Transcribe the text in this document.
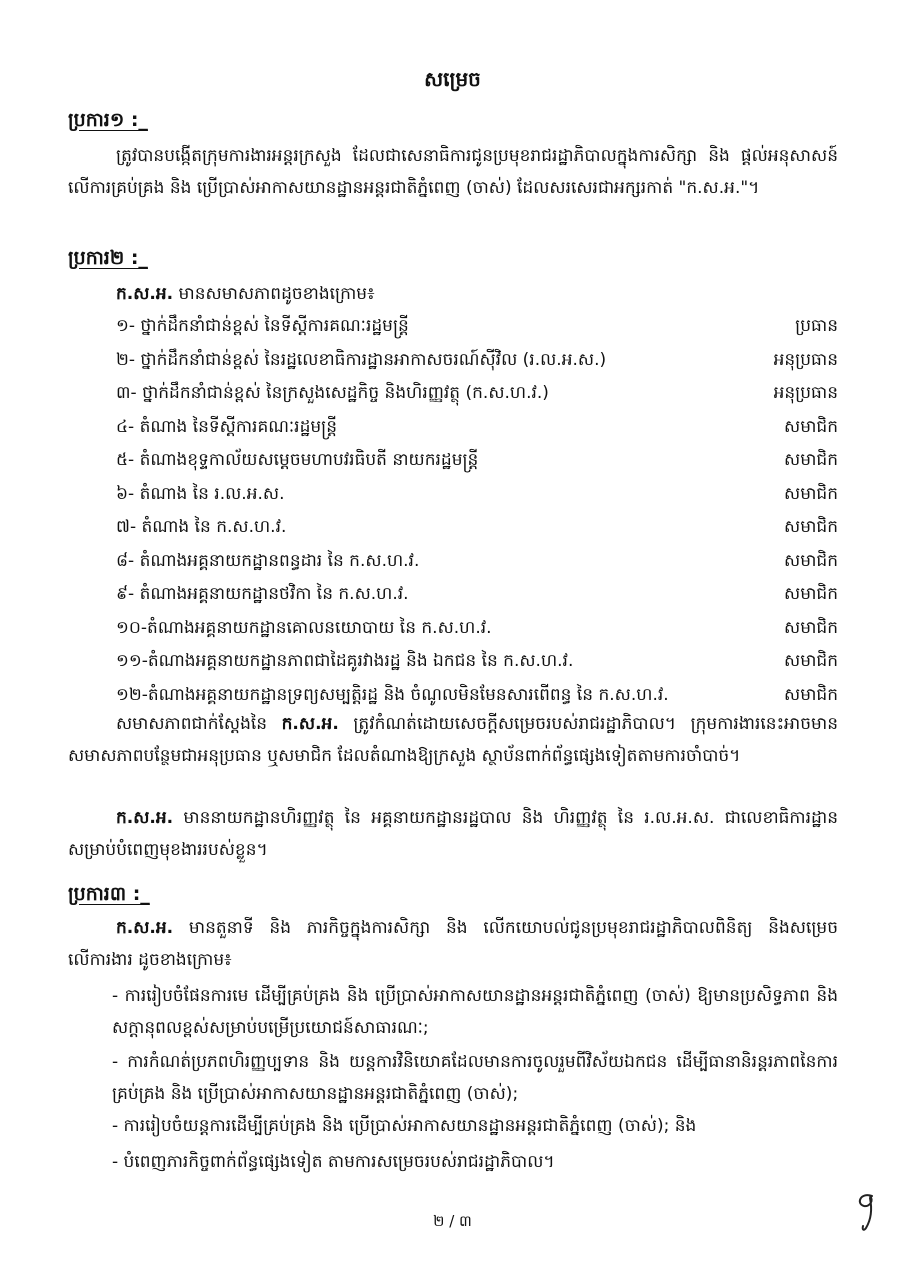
សម្រេច
ប្រការ១ :_
ត្រូវបានបង្កើតក្រុមការងារអន្តរក្រសួង ដែលជាសេនាធិការជូនប្រមុខរាជរដ្ឋាភិបាលក្នុងការសិក្សា និង ផ្តល់អនុសាសន៍លើការគ្រប់គ្រង និង ប្រើប្រាស់អាកាសយានដ្ឋានអន្តរជាតិភ្នំពេញ (ចាស់) ដែលសរសេរជាអក្សរកាត់ "ក.ស.អ."។
ប្រការ២ :_
ក.ស.អ. មានសមាសភាពដូចខាងក្រោម៖
១- ថ្នាក់ដឹកនាំជាន់ខ្ពស់ នៃទីស្តីការគណៈរដ្ឋមន្ត្រី	ប្រធាន
២- ថ្នាក់ដឹកនាំជាន់ខ្ពស់ នៃរដ្ឋលេខាធិការដ្ឋានអាកាសចរណ៍ស៊ីវិល (រ.ល.អ.ស.)	អនុប្រធាន
៣- ថ្នាក់ដឹកនាំជាន់ខ្ពស់ នៃក្រសួងសេដ្ឋកិច្ច និងហិរញ្ញវត្ថុ (ក.ស.ហ.វ.)	អនុប្រធាន
៤- តំណាង នៃទីស្តីការគណៈរដ្ឋមន្ត្រី	សមាជិក
៥- តំណាងខុទ្ទកាល័យសម្តេចមហាបវរធិបតី នាយករដ្ឋមន្ត្រី	សមាជិក
៦- តំណាង នៃ រ.ល.អ.ស.	សមាជិក
៧- តំណាង នៃ ក.ស.ហ.វ.	សមាជិក
៨- តំណាងអគ្គនាយកដ្ឋានពន្ធដារ នៃ ក.ស.ហ.វ.	សមាជិក
៩- តំណាងអគ្គនាយកដ្ឋានថវិកា នៃ ក.ស.ហ.វ.	សមាជិក
១០-តំណាងអគ្គនាយកដ្ឋានគោលនយោបាយ នៃ ក.ស.ហ.វ.	សមាជិក
១១-តំណាងអគ្គនាយកដ្ឋានភាពជាដៃគូរវាងរដ្ឋ និង ឯកជន នៃ ក.ស.ហ.វ.	សមាជិក
១២-តំណាងអគ្គនាយកដ្ឋានទ្រព្យសម្បត្តិរដ្ឋ និង ចំណូលមិនមែនសារពើពន្ធ នៃ ក.ស.ហ.វ.	សមាជិក
សមាសភាពជាក់ស្តែងនៃ ក.ស.អ. ត្រូវកំណត់ដោយសេចក្តីសម្រេចរបស់រាជរដ្ឋាភិបាល។ ក្រុមការងារនេះអាចមានសមាសភាពបន្ថែមជាអនុប្រធាន ឬសមាជិក ដែលតំណាងឱ្យក្រសួង ស្ថាប័នពាក់ព័ន្ធផ្សេងទៀតតាមការចាំបាច់។
ក.ស.អ. មាននាយកដ្ឋានហិរញ្ញវត្ថុ នៃ អគ្គនាយកដ្ឋានរដ្ឋបាល និង ហិរញ្ញវត្ថុ នៃ រ.ល.អ.ស. ជាលេខាធិការដ្ឋានសម្រាប់បំពេញមុខងាររបស់ខ្លួន។
ប្រការ៣ :_
ក.ស.អ. មានតួនាទី និង ភារកិច្ចក្នុងការសិក្សា និង លើកយោបល់ជូនប្រមុខរាជរដ្ឋាភិបាលពិនិត្យ និងសម្រេចលើការងារ ដូចខាងក្រោម៖
- ការរៀបចំផែនការមេ ដើម្បីគ្រប់គ្រង និង ប្រើប្រាស់អាកាសយានដ្ឋានអន្តរជាតិភ្នំពេញ (ចាស់) ឱ្យមានប្រសិទ្ធភាព និង សក្តានុពលខ្ពស់សម្រាប់បម្រើប្រយោជន៍សាធារណៈ;
- ការកំណត់ប្រភពហិរញ្ញប្បទាន និង យន្តការវិនិយោគដែលមានការចូលរួមពីវិស័យឯកជន ដើម្បីធានានិរន្តរភាពនៃការគ្រប់គ្រង និង ប្រើប្រាស់អាកាសយានដ្ឋានអន្តរជាតិភ្នំពេញ (ចាស់);
- ការរៀបចំយន្តការដើម្បីគ្រប់គ្រង និង ប្រើប្រាស់អាកាសយានដ្ឋានអន្តរជាតិភ្នំពេញ (ចាស់); និង
- បំពេញភារកិច្ចពាក់ព័ន្ធផ្សេងទៀត តាមការសម្រេចរបស់រាជរដ្ឋាភិបាល។
២ / ៣
